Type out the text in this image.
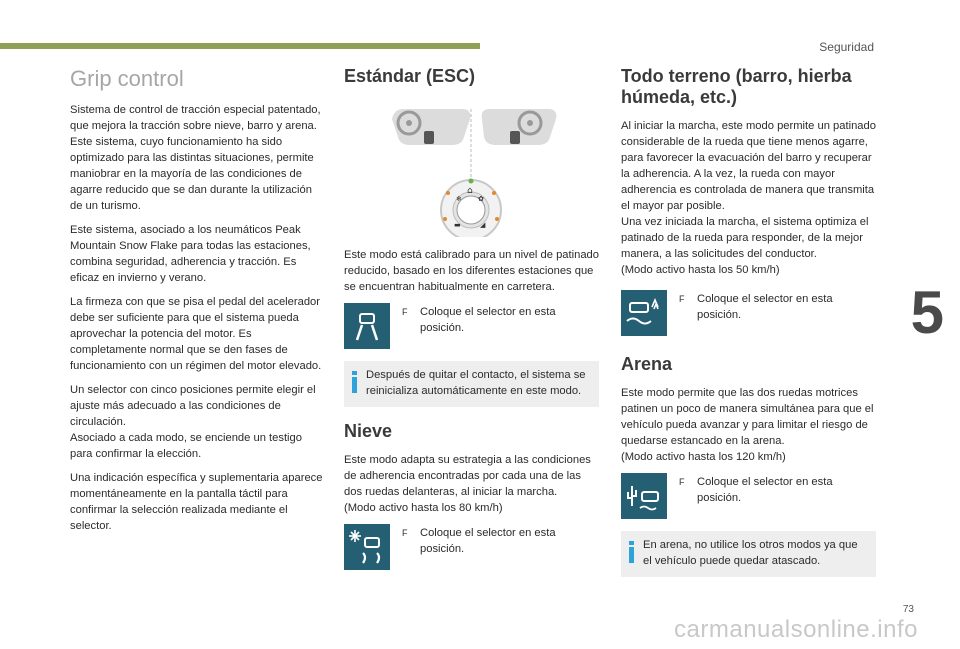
Seguridad
5
73
carmanualsonline.info
Grip control

Sistema de control de tracción especial patentado, que mejora la tracción sobre nieve, barro y arena.
Este sistema, cuyo funcionamiento ha sido optimizado para las distintas situaciones, permite maniobrar en la mayoría de las condiciones de agarre reducido que se dan durante la utilización de un turismo.

Este sistema, asociado a los neumáticos Peak Mountain Snow Flake para todas las estaciones, combina seguridad, adherencia y tracción. Es eficaz en invierno y verano.

La firmeza con que se pisa el pedal del acelerador debe ser suficiente para que el sistema pueda aprovechar la potencia del motor. Es completamente normal que se den fases de funcionamiento con un régimen del motor elevado.

Un selector con cinco posiciones permite elegir el ajuste más adecuado a las condiciones de circulación.
Asociado a cada modo, se enciende un testigo para confirmar la elección.

Una indicación específica y suplementaria aparece momentáneamente en la pantalla táctil para confirmar la selección realizada mediante el selector.

Estándar (ESC)
⌂
❄ ✿
▬	◢

Este modo está calibrado para un nivel de patinado reducido, basado en los diferentes estaciones que se encuentran habitualmente en carretera.

F Coloque el selector en esta posición.
Después de quitar el contacto, el sistema se reinicializa automáticamente en este modo.
Nieve

Este modo adapta su estrategia a las condiciones de adherencia encontradas por cada una de las dos ruedas delanteras, al iniciar la marcha.
(Modo activo hasta los 80 km/h)

F Coloque el selector en esta posición.
Todo terreno (barro, hierba húmeda, etc.)

Al iniciar la marcha, este modo permite un patinado considerable de la rueda que tiene menos agarre, para favorecer la evacuación del barro y recuperar la adherencia. A la vez, la rueda con mayor adherencia es controlada de manera que transmita el mayor par posible.
Una vez iniciada la marcha, el sistema optimiza el patinado de la rueda para responder, de la mejor manera, a las solicitudes del conductor.
(Modo activo hasta los 50 km/h)

F Coloque el selector en esta posición.
Arena

Este modo permite que las dos ruedas motrices patinen un poco de manera simultánea para que el vehículo pueda avanzar y para limitar el riesgo de quedarse estancado en la arena.
(Modo activo hasta los 120 km/h)

F Coloque el selector en esta posición.
En arena, no utilice los otros modos ya que el vehículo puede quedar atascado.
